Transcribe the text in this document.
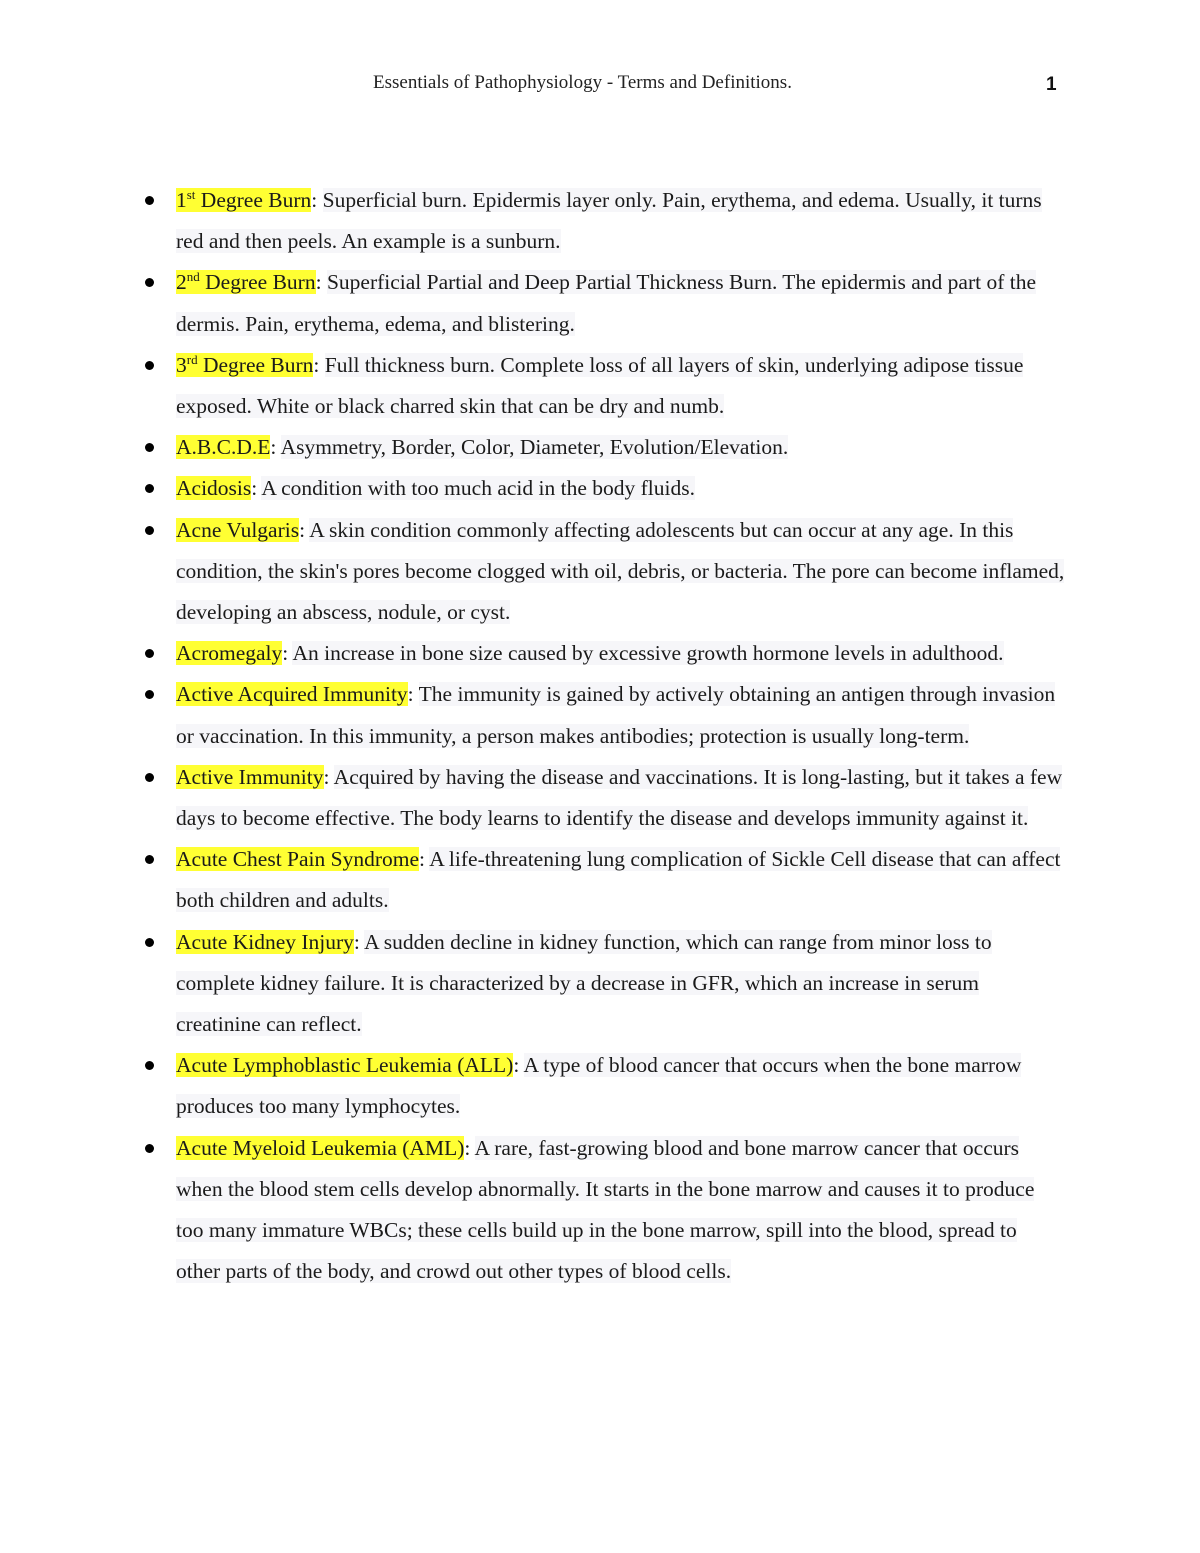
Essentials of Pathophysiology - Terms and Definitions.	1
1st Degree Burn: Superficial burn. Epidermis layer only. Pain, erythema, and edema. Usually, it turns red and then peels. An example is a sunburn.
2nd Degree Burn: Superficial Partial and Deep Partial Thickness Burn. The epidermis and part of the dermis. Pain, erythema, edema, and blistering.
3rd Degree Burn: Full thickness burn. Complete loss of all layers of skin, underlying adipose tissue exposed. White or black charred skin that can be dry and numb.
A.B.C.D.E: Asymmetry, Border, Color, Diameter, Evolution/Elevation.
Acidosis: A condition with too much acid in the body fluids.
Acne Vulgaris: A skin condition commonly affecting adolescents but can occur at any age. In this condition, the skin's pores become clogged with oil, debris, or bacteria. The pore can become inflamed, developing an abscess, nodule, or cyst.
Acromegaly: An increase in bone size caused by excessive growth hormone levels in adulthood.
Active Acquired Immunity: The immunity is gained by actively obtaining an antigen through invasion or vaccination. In this immunity, a person makes antibodies; protection is usually long-term.
Active Immunity: Acquired by having the disease and vaccinations. It is long-lasting, but it takes a few days to become effective. The body learns to identify the disease and develops immunity against it.
Acute Chest Pain Syndrome: A life-threatening lung complication of Sickle Cell disease that can affect both children and adults.
Acute Kidney Injury: A sudden decline in kidney function, which can range from minor loss to complete kidney failure. It is characterized by a decrease in GFR, which an increase in serum creatinine can reflect.
Acute Lymphoblastic Leukemia (ALL): A type of blood cancer that occurs when the bone marrow produces too many lymphocytes.
Acute Myeloid Leukemia (AML): A rare, fast-growing blood and bone marrow cancer that occurs when the blood stem cells develop abnormally. It starts in the bone marrow and causes it to produce too many immature WBCs; these cells build up in the bone marrow, spill into the blood, spread to other parts of the body, and crowd out other types of blood cells.
